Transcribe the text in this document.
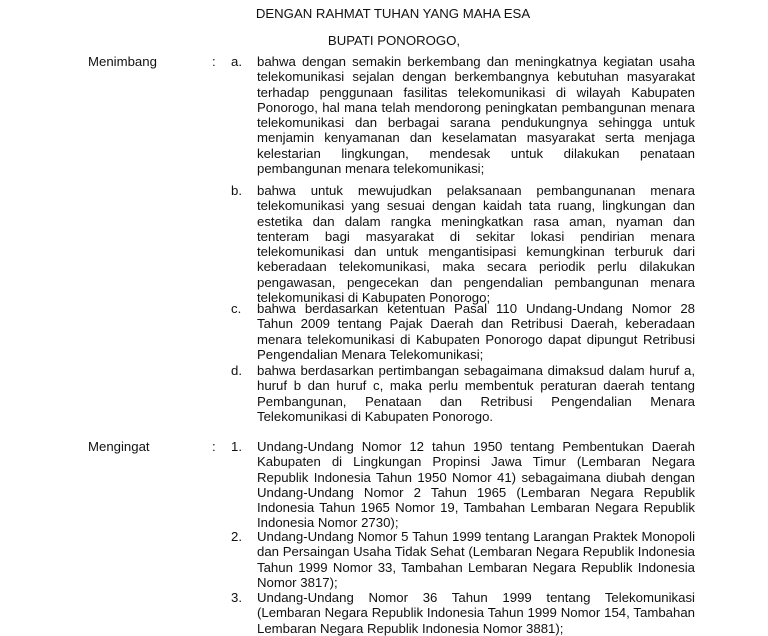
DENGAN RAHMAT TUHAN YANG MAHA ESA
BUPATI PONOROGO,
Menimbang	: a. bahwa dengan semakin berkembang dan meningkatnya kegiatan usaha telekomunikasi sejalan dengan berkembangnya kebutuhan masyarakat terhadap penggunaan fasilitas telekomunikasi di wilayah Kabupaten Ponorogo, hal mana telah mendorong peningkatan pembangunan menara telekomunikasi dan berbagai sarana pendukungnya sehingga untuk menjamin kenyamanan dan keselamatan masyarakat serta menjaga kelestarian lingkungan, mendesak untuk dilakukan penataan pembangunan menara telekomunikasi;
b. bahwa untuk mewujudkan pelaksanaan pembangunanan menara telekomunikasi yang sesuai dengan kaidah tata ruang, lingkungan dan estetika dan dalam rangka meningkatkan rasa aman, nyaman dan tenteram bagi masyarakat di sekitar lokasi pendirian menara telekomunikasi dan untuk mengantisipasi kemungkinan terburuk dari keberadaan telekomunikasi, maka secara periodik perlu dilakukan pengawasan, pengecekan dan pengendalian pembangunan menara telekomunikasi di Kabupaten Ponorogo;
c. bahwa berdasarkan ketentuan Pasal 110 Undang-Undang Nomor 28 Tahun 2009 tentang Pajak Daerah dan Retribusi Daerah, keberadaan menara telekomunikasi di Kabupaten Ponorogo dapat dipungut Retribusi Pengendalian Menara Telekomunikasi;
d. bahwa berdasarkan pertimbangan sebagaimana dimaksud dalam huruf a, huruf b dan huruf c, maka perlu membentuk peraturan daerah tentang Pembangunan, Penataan dan Retribusi Pengendalian Menara Telekomunikasi di Kabupaten Ponorogo.
Mengingat	: 1. Undang-Undang Nomor 12 tahun 1950 tentang Pembentukan Daerah Kabupaten di Lingkungan Propinsi Jawa Timur (Lembaran Negara Republik Indonesia Tahun 1950 Nomor 41) sebagaimana diubah dengan Undang-Undang Nomor 2 Tahun 1965 (Lembaran Negara Republik Indonesia Tahun 1965 Nomor 19, Tambahan Lembaran Negara Republik Indonesia Nomor 2730);
2. Undang-Undang Nomor 5 Tahun 1999 tentang Larangan Praktek Monopoli dan Persaingan Usaha Tidak Sehat (Lembaran Negara Republik Indonesia Tahun 1999 Nomor 33, Tambahan Lembaran Negara Republik Indonesia Nomor 3817);
3. Undang-Undang Nomor 36 Tahun 1999 tentang Telekomunikasi (Lembaran Negara Republik Indonesia Tahun 1999 Nomor 154, Tambahan Lembaran Negara Republik Indonesia Nomor 3881);
